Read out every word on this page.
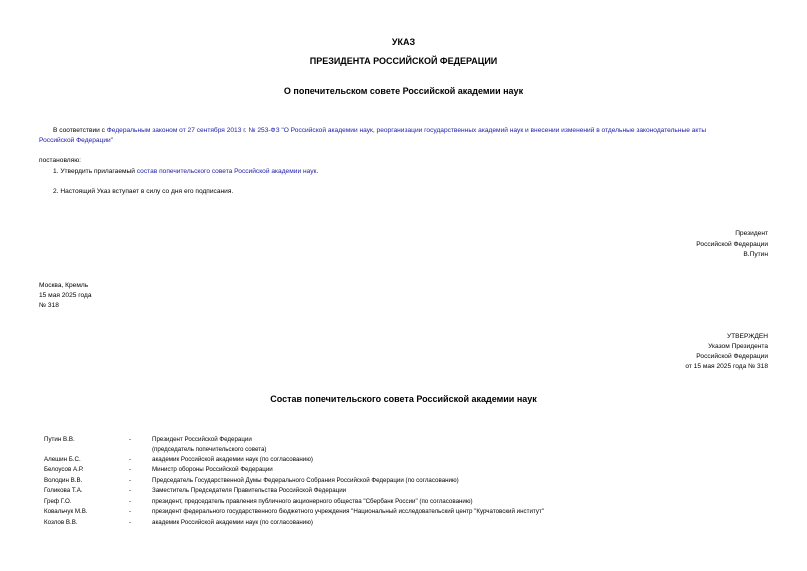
УКАЗ
ПРЕЗИДЕНТА РОССИЙСКОЙ ФЕДЕРАЦИИ
О попечительском совете Российской академии наук
В соответствии с Федеральным законом от 27 сентября 2013 г. № 253-ФЗ "О Российской академии наук, реорганизации государственных академий наук и внесении изменений в отдельные законодательные акты
Российской Федерации"
постановляю:
1. Утвердить прилагаемый состав попечительского совета Российской академии наук.
2. Настоящий Указ вступает в силу со дня его подписания.
Президент
Российской Федерации
В.Путин
Москва, Кремль
15 мая 2025 года
№ 318
УТВЕРЖДЕН
Указом Президента
Российской Федерации
от 15 мая 2025 года № 318
Состав попечительского совета Российской академии наук
Путин В.В.	-	Президент Российской Федерации
(председатель попечительского совета)
Алешин Б.С.	-	академик Российской академии наук (по согласованию)
Белоусов А.Р.	-	Министр обороны Российской Федерации
Володин В.В.	-	Председатель Государственной Думы Федерального Собрания Российской Федерации (по согласованию)
Голикова Т.А.	-	Заместитель Председателя Правительства Российской Федерации
Греф Г.О.	-	президент, председатель правления публичного акционерного общества "Сбербанк России" (по согласованию)
Ковальчук М.В.	-	президент федерального государственного бюджетного учреждения "Национальный исследовательский центр "Курчатовский институт"
Козлов В.В.	-	академик Российской академии наук (по согласованию)
